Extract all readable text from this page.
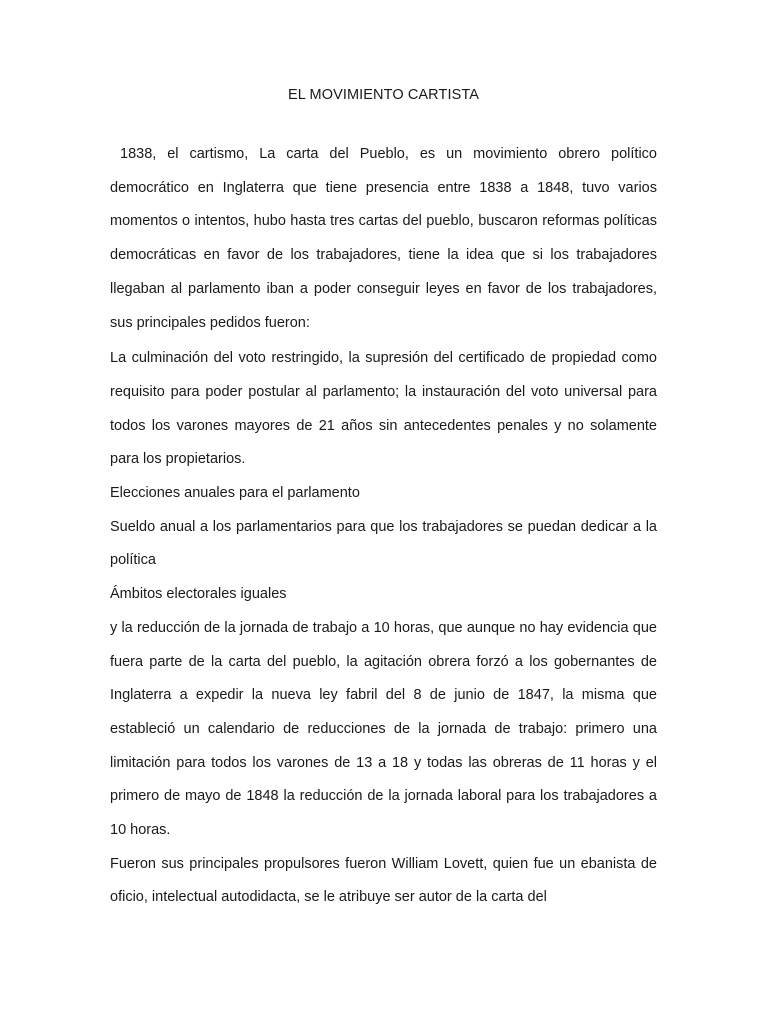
EL MOVIMIENTO CARTISTA

1838, el cartismo, La carta del Pueblo, es un movimiento obrero político democrático en Inglaterra que tiene presencia entre 1838 a 1848, tuvo varios momentos o intentos, hubo hasta tres cartas del pueblo, buscaron reformas políticas democráticas en favor de los trabajadores, tiene la idea que si los trabajadores llegaban al parlamento iban a poder conseguir leyes en favor de los trabajadores, sus principales pedidos fueron:

La culminación del voto restringido, la supresión del certificado de propiedad como requisito para poder postular al parlamento; la instauración del voto universal para todos los varones mayores de 21 años sin antecedentes penales y no solamente para los propietarios.

Elecciones anuales para el parlamento

Sueldo anual a los parlamentarios para que los trabajadores se puedan dedicar a la política

Ámbitos electorales iguales

y la reducción de la jornada de trabajo a 10 horas, que aunque no hay evidencia que fuera parte de la carta del pueblo, la agitación obrera forzó a los gobernantes de Inglaterra a expedir la nueva ley fabril del 8 de junio de 1847, la misma que estableció un calendario de reducciones de la jornada de trabajo: primero una limitación para todos los varones de 13 a 18 y todas las obreras de 11 horas y el primero de mayo de 1848 la reducción de la jornada laboral para los trabajadores a 10 horas.

Fueron sus principales propulsores fueron William Lovett, quien fue un ebanista de oficio, intelectual autodidacta, se le atribuye ser autor de la carta del
